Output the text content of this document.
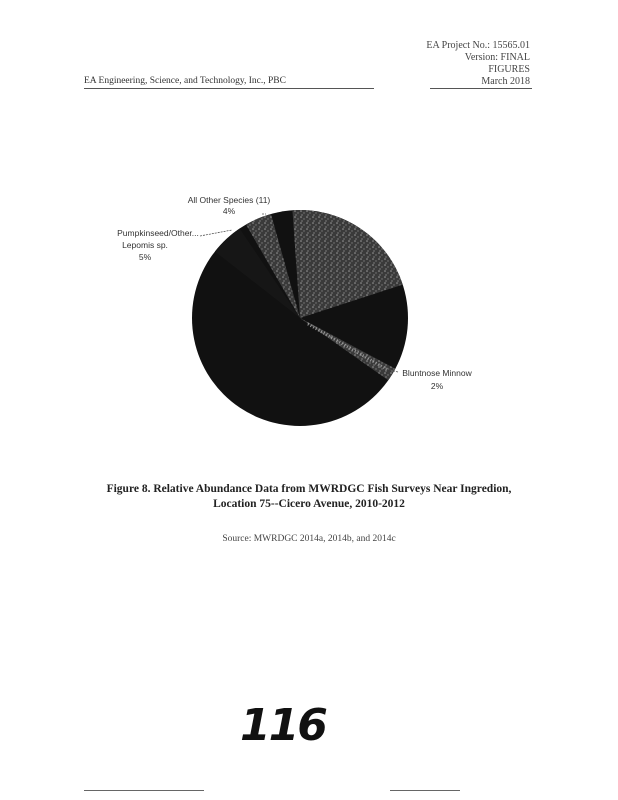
EA Project No.: 15565.01
Version: FINAL
FIGURES
March 2018
EA Engineering, Science, and Technology, Inc., PBC
All Other Species (11)
4%
Pumpkinseed/Other...
Lepomis sp.
5%
Bluntnose Minnow
2%
Figure 8. Relative Abundance Data from MWRDGC Fish Surveys Near Ingredion,
Location 75--Cicero Avenue, 2010-2012
Source: MWRDGC 2014a, 2014b, and 2014c
116
